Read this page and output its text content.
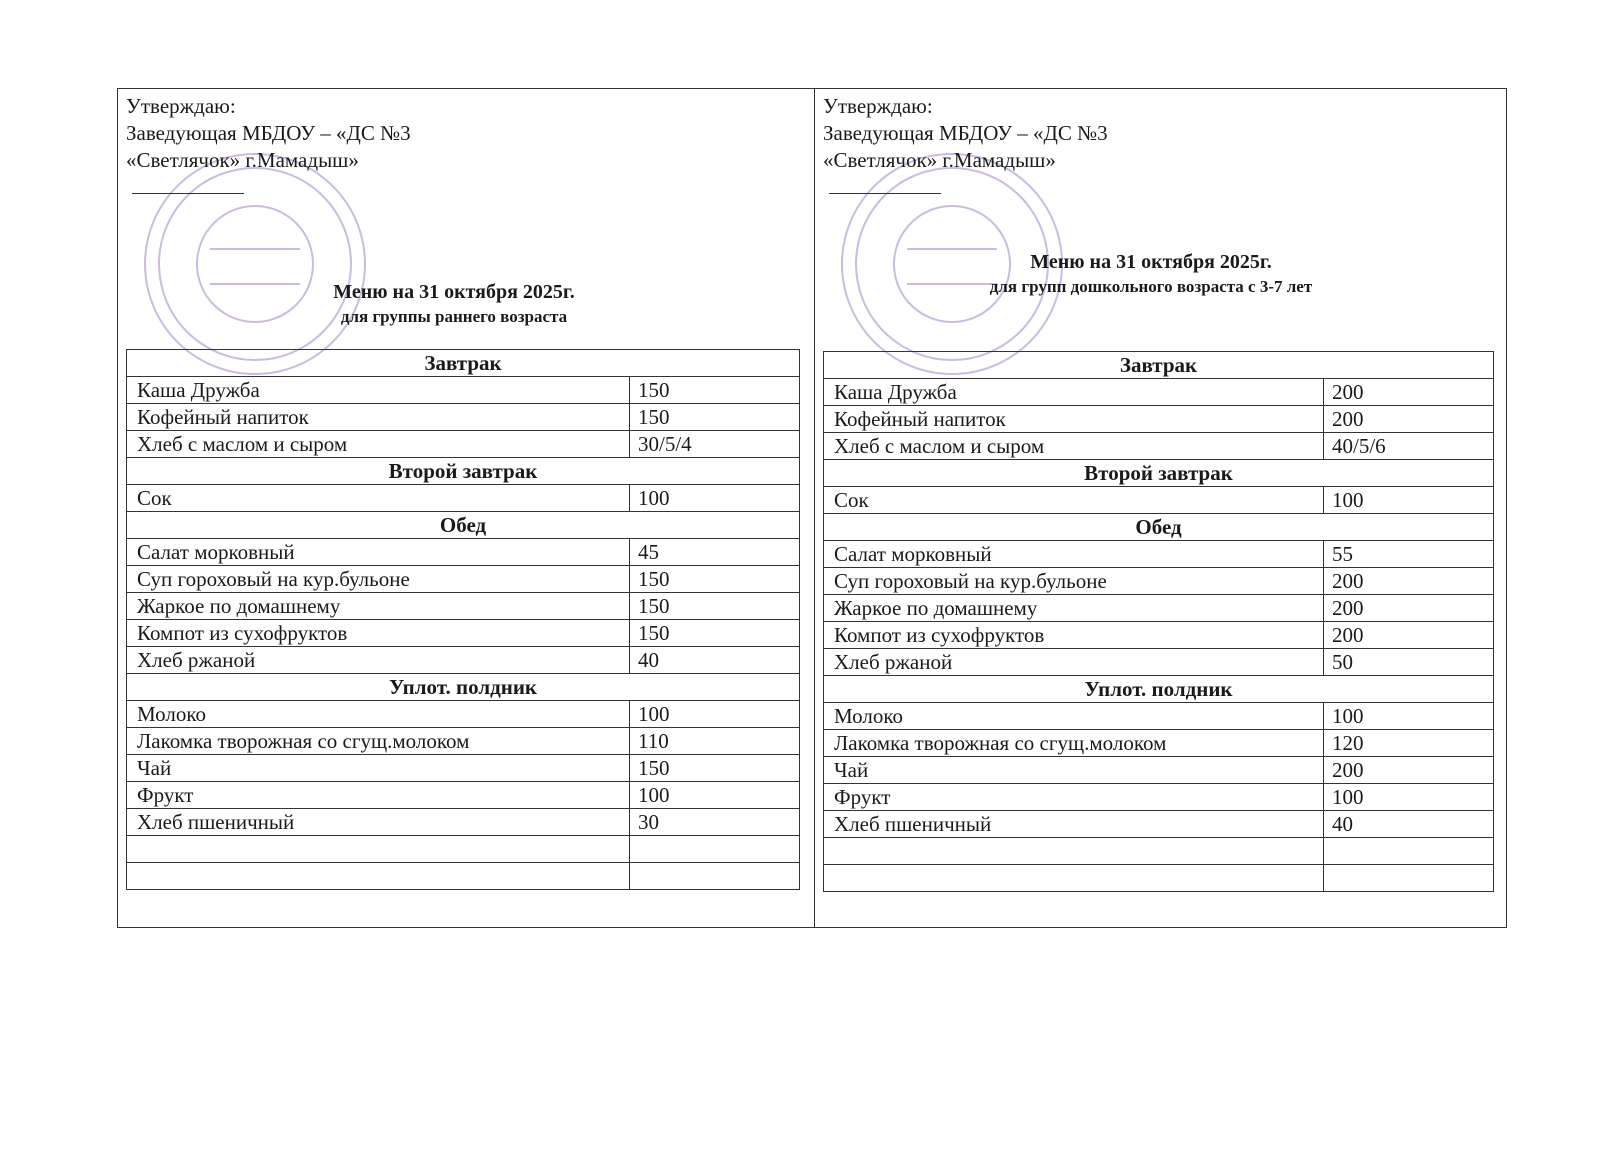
Утверждаю:
Заведующая МБДОУ – «ДС №3
«Светлячок» г.Мамадыш»
Меню на 31 октября 2025г.
для группы раннего возраста
Завтрак	
Каша Дружба	150
Кофейный напиток	150
Хлеб с маслом и сыром	30/5/4
Второй завтрак	
Сок	100
Обед	
Салат морковный	45
Суп гороховый на кур.бульоне	150
Жаркое по домашнему	150
Компот из сухофруктов	150
Хлеб ржаной	40
Уплот. полдник	
Молоко	100
Лакомка творожная со сгущ.молоком	110
Чай	150
Фрукт	100
Хлеб пшеничный	30

Утверждаю:
Заведующая МБДОУ – «ДС №3
«Светлячок» г.Мамадыш»
Меню на 31 октября 2025г.
для групп дошкольного возраста с 3-7 лет
Завтрак	
Каша Дружба	200
Кофейный напиток	200
Хлеб с маслом и сыром	40/5/6
Второй завтрак	
Сок	100
Обед	
Салат морковный	55
Суп гороховый на кур.бульоне	200
Жаркое по домашнему	200
Компот из сухофруктов	200
Хлеб ржаной	50
Уплот. полдник	
Молоко	100
Лакомка творожная со сгущ.молоком	120
Чай	200
Фрукт	100
Хлеб пшеничный	40
